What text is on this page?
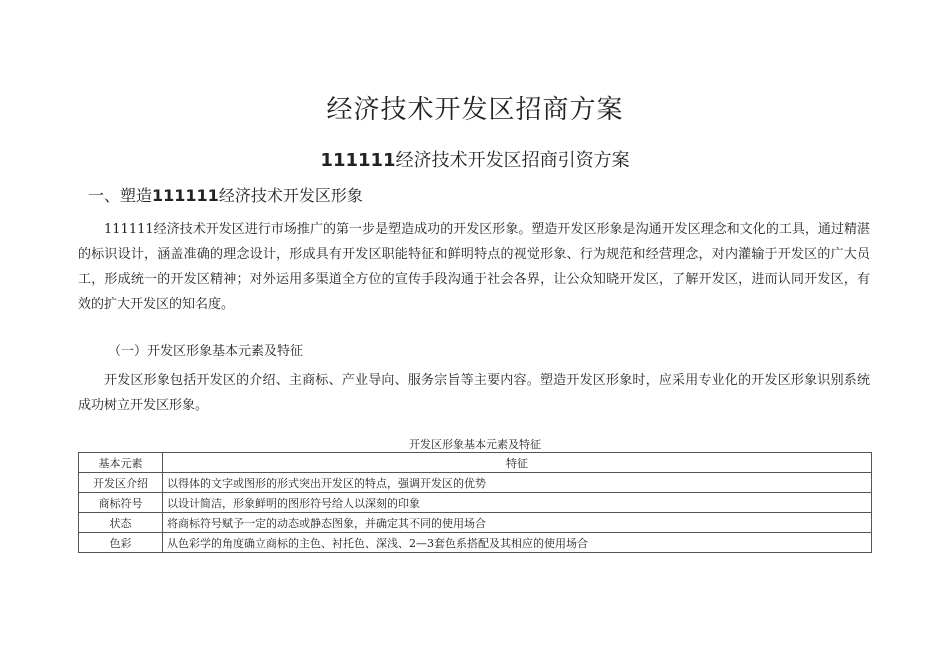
经济技术开发区招商方案
111111经济技术开发区招商引资方案
一、塑造111111经济技术开发区形象

111111经济技术开发区进行市场推广的第一步是塑造成功的开发区形象。塑造开发区形象是沟通开发区理念和文化的工具，通过精湛的标识设计，涵盖准确的理念设计，形成具有开发区职能特征和鲜明特点的视觉形象、行为规范和经营理念，对内灌输于开发区的广大员工，形成统一的开发区精神；对外运用多渠道全方位的宣传手段沟通于社会各界，让公众知晓开发区，了解开发区，进而认同开发区，有效的扩大开发区的知名度。

（一）开发区形象基本元素及特征

开发区形象包括开发区的介绍、主商标、产业导向、服务宗旨等主要内容。塑造开发区形象时，应采用专业化的开发区形象识别系统成功树立开发区形象。

开发区形象基本元素及特征
基本元素	特征
开发区介绍	以得体的文字或图形的形式突出开发区的特点，强调开发区的优势
商标符号	以设计简洁，形象鲜明的图形符号给人以深刻的印象
状态	将商标符号赋予一定的动态或静态图象，并确定其不同的使用场合
色彩	从色彩学的角度确立商标的主色、衬托色、深浅、2—3套色系搭配及其相应的使用场合
